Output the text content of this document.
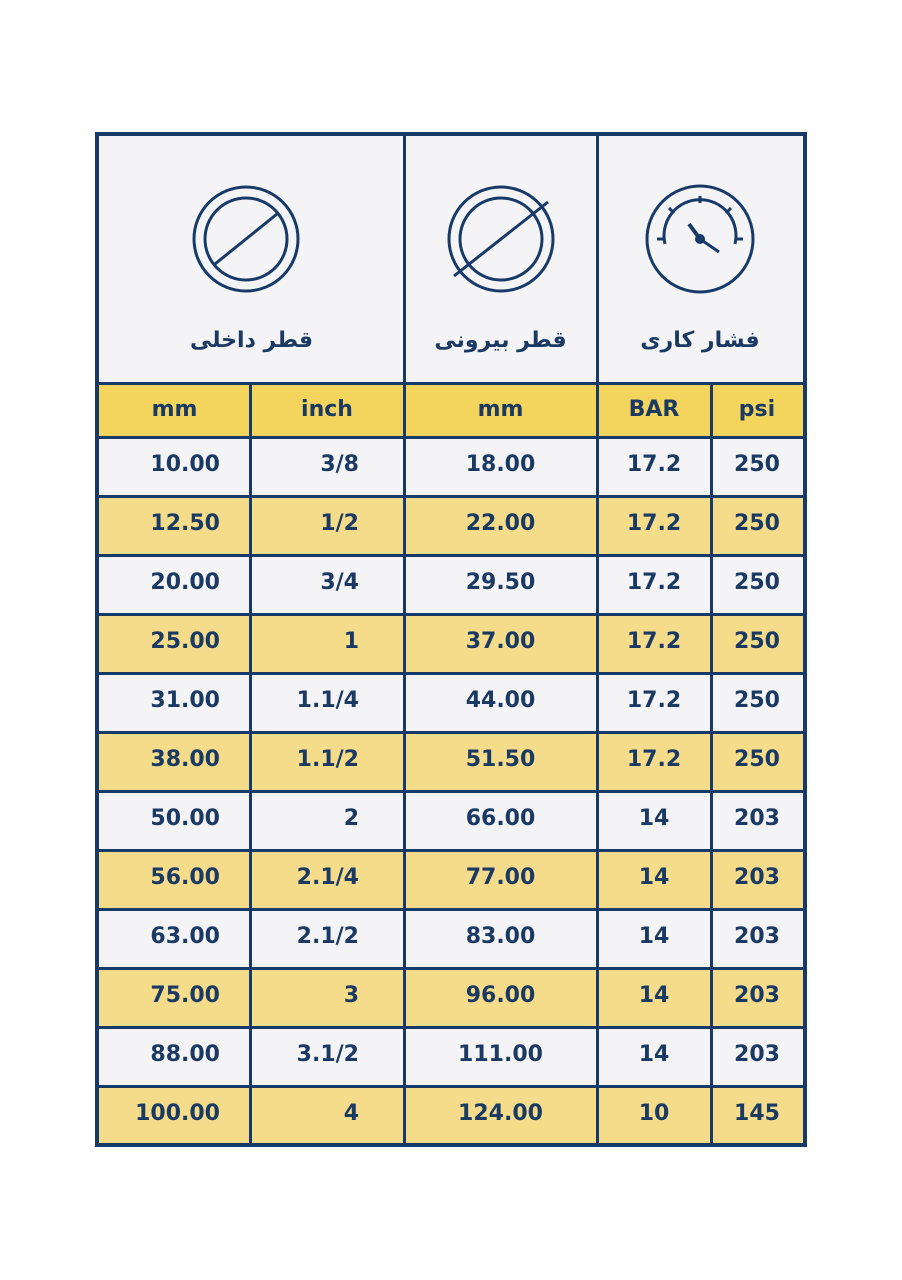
قطر داخلی	قطر بیرونی	فشار کاری
mm	inch	mm	BAR	psi
10.00	3/8	18.00	17.2	250
12.50	1/2	22.00	17.2	250
20.00	3/4	29.50	17.2	250
25.00	1	37.00	17.2	250
31.00	1.1/4	44.00	17.2	250
38.00	1.1/2	51.50	17.2	250
50.00	2	66.00	14	203
56.00	2.1/4	77.00	14	203
63.00	2.1/2	83.00	14	203
75.00	3	96.00	14	203
88.00	3.1/2	111.00	14	203
100.00	4	124.00	10	145
